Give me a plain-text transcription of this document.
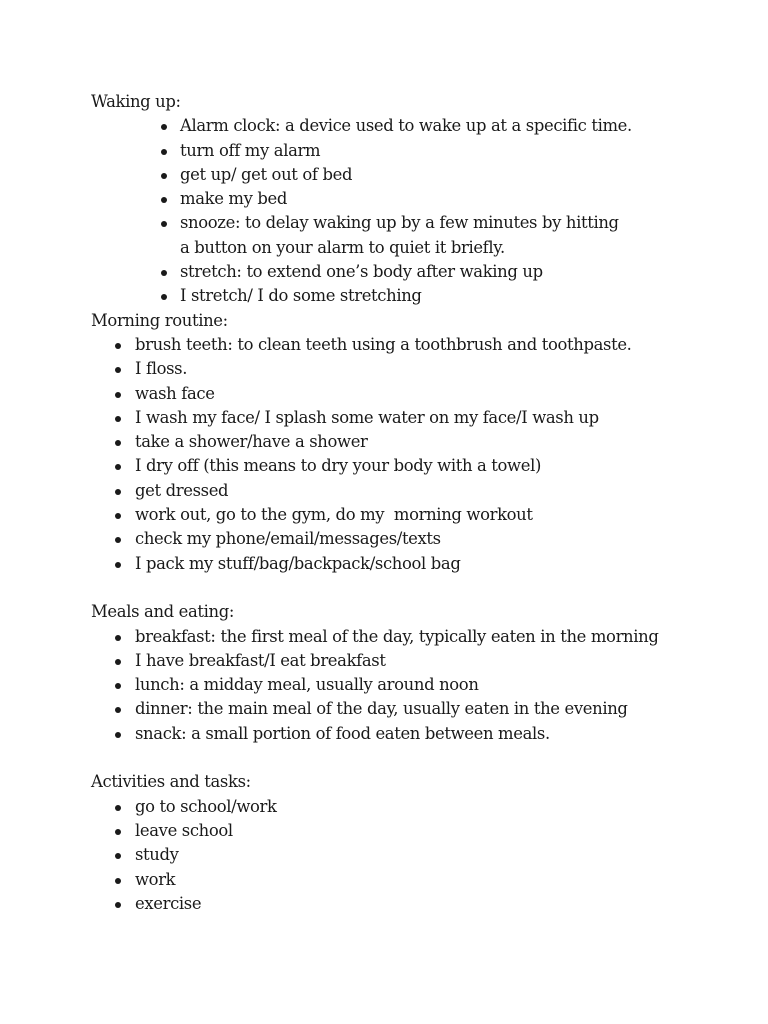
Waking up:

Alarm clock: a device used to wake up at a specific time.
turn off my alarm
get up/ get out of bed
make my bed
snooze: to delay waking up by a few minutes by hitting a button on your alarm to quiet it briefly.
stretch: to extend one’s body after waking up
I stretch/ I do some stretching

Morning routine:

brush teeth: to clean teeth using a toothbrush and toothpaste.
I floss.
wash face
I wash my face/ I splash some water on my face/I wash up
take a shower/have a shower
I dry off (this means to dry your body with a towel)
get dressed
work out, go to the gym, do my  morning workout
check my phone/email/messages/texts
I pack my stuff/bag/backpack/school bag

Meals and eating:

breakfast: the first meal of the day, typically eaten in the morning
I have breakfast/I eat breakfast
lunch: a midday meal, usually around noon
dinner: the main meal of the day, usually eaten in the evening
snack: a small portion of food eaten between meals.

Activities and tasks:

go to school/work
leave school
study
work
exercise
